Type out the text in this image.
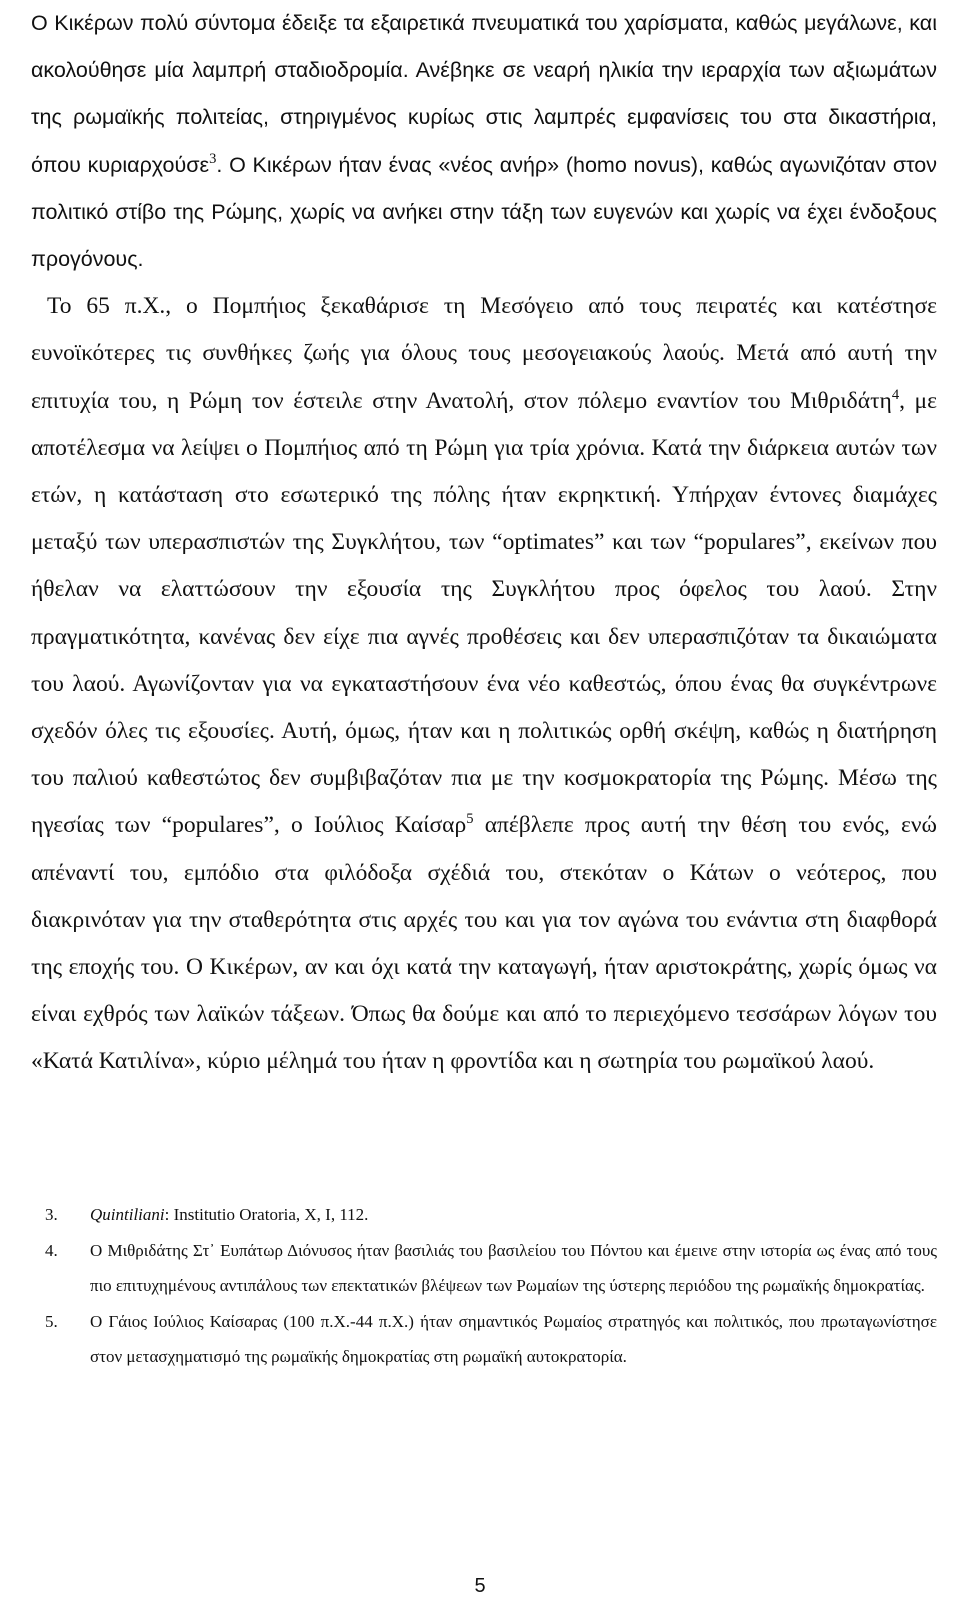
Ο Κικέρων πολύ σύντομα έδειξε τα εξαιρετικά πνευματικά του χαρίσματα, καθώς μεγάλωνε, και ακολούθησε μία λαμπρή σταδιοδρομία. Ανέβηκε σε νεαρή ηλικία την ιεραρχία των αξιωμάτων της ρωμαϊκής πολιτείας, στηριγμένος κυρίως στις λαμπρές εμφανίσεις του στα δικαστήρια, όπου κυριαρχούσε$^3$. Ο Κικέρων ήταν ένας «νέος ανήρ» (homo novus), καθώς αγωνιζόταν στον πολιτικό στίβο της Ρώμης, χωρίς να ανήκει στην τάξη των ευγενών και χωρίς να έχει ένδοξους προγόνους.

Το 65 π.Χ., ο Πομπήιος ξεκαθάρισε τη Μεσόγειο από τους πειρατές και κατέστησε ευνοϊκότερες τις συνθήκες ζωής για όλους τους μεσογειακούς λαούς. Μετά από αυτή την επιτυχία του, η Ρώμη τον έστειλε στην Ανατολή, στον πόλεμο εναντίον του Μιθριδάτη$^4$, με αποτέλεσμα να λείψει ο Πομπήιος από τη Ρώμη για τρία χρόνια. Κατά την διάρκεια αυτών των ετών, η κατάσταση στο εσωτερικό της πόλης ήταν εκρηκτική. Υπήρχαν έντονες διαμάχες μεταξύ των υπερασπιστών της Συγκλήτου, των “optimates” και των “populares”, εκείνων που ήθελαν να ελαττώσουν την εξουσία της Συγκλήτου προς όφελος του λαού. Στην πραγματικότητα, κανένας δεν είχε πια αγνές προθέσεις και δεν υπερασπιζόταν τα δικαιώματα του λαού. Αγωνίζονταν για να εγκαταστήσουν ένα νέο καθεστώς, όπου ένας θα συγκέντρωνε σχεδόν όλες τις εξουσίες. Αυτή, όμως, ήταν και η πολιτικώς ορθή σκέψη, καθώς η διατήρηση του παλιού καθεστώτος δεν συμβιβαζόταν πια με την κοσμοκρατορία της Ρώμης. Μέσω της ηγεσίας των “populares”, ο Ιούλιος Καίσαρ$^5$ απέβλεπε προς αυτή την θέση του ενός, ενώ απέναντί του, εμπόδιο στα φιλόδοξα σχέδιά του, στεκόταν ο Κάτων ο νεότερος, που διακρινόταν για την σταθερότητα στις αρχές του και για τον αγώνα του ενάντια στη διαφθορά της εποχής του. Ο Κικέρων, αν και όχι κατά την καταγωγή, ήταν αριστοκράτης, χωρίς όμως να είναι εχθρός των λαϊκών τάξεων. Όπως θα δούμε και από το περιεχόμενο τεσσάρων λόγων του «Κατά Κατιλίνα», κύριο μέλημά του ήταν η φροντίδα και η σωτηρία του ρωμαϊκού λαού.

3.	Quintiliani: Institutio Oratoria, X, I, 112.
4.	Ο Μιθριδάτης Στ᾽ Ευπάτωρ Διόνυσος ήταν βασιλιάς του βασιλείου του Πόντου και έμεινε στην ιστορία ως ένας από τους πιο επιτυχημένους αντιπάλους των επεκτατικών βλέψεων των Ρωμαίων της ύστερης περιόδου της ρωμαϊκής δημοκρατίας.
5.	Ο Γάιος Ιούλιος Καίσαρας (100 π.Χ.-44 π.Χ.) ήταν σημαντικός Ρωμαίος στρατηγός και πολιτικός, που πρωταγωνίστησε στον μετασχηματισμό της ρωμαϊκής δημοκρατίας στη ρωμαϊκή αυτοκρατορία.
5
